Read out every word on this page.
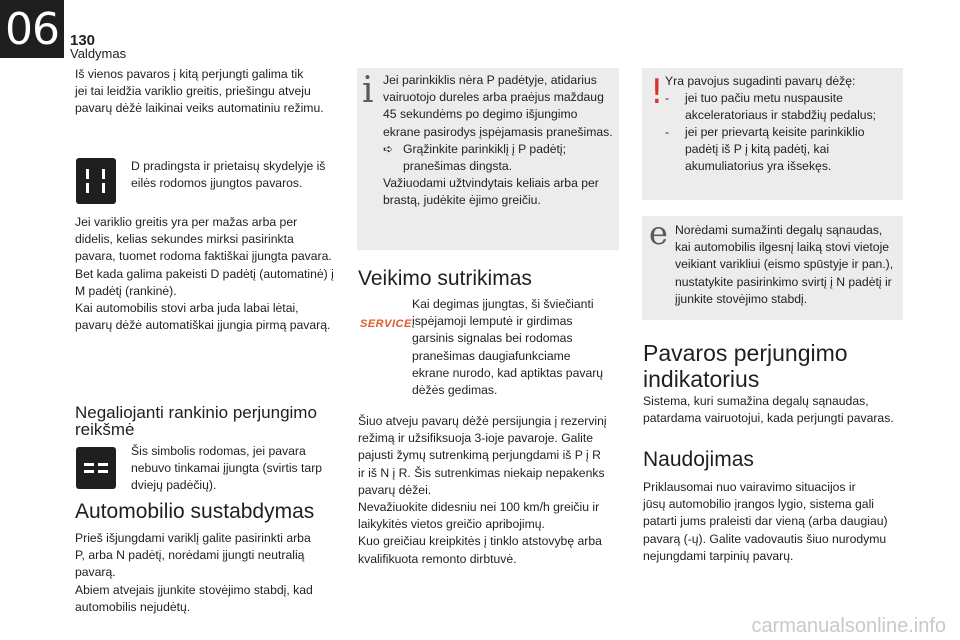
06 130
Valdymas
Iš vienos pavaros į kitą perjungti galima tik
jei tai leidžia variklio greitis, priešingu atveju
pavarų dėžė laikinai veiks automatiniu režimu.
D pradingsta ir prietaisų skydelyje iš
eilės rodomos įjungtos pavaros.
Jei variklio greitis yra per mažas arba per
didelis, kelias sekundes mirksi pasirinkta
pavara, tuomet rodoma faktiškai įjungta pavara.
Bet kada galima pakeisti D padėtį (automatinė) į
M padėtį (rankinė).
Kai automobilis stovi arba juda labai lėtai,
pavarų dėžė automatiškai įjungia pirmą pavarą.
Negaliojanti rankinio perjungimo
reikšmė
Šis simbolis rodomas, jei pavara
nebuvo tinkamai įjungta (svirtis tarp
dviejų padėčių).
Automobilio sustabdymas
Prieš išjungdami variklį galite pasirinkti arba
P, arba N padėtį, norėdami įjungti neutralią
pavarą.
Abiem atvejais įjunkite stovėjimo stabdį, kad
automobilis nejudėtų.
i Jei parinkiklis nėra P padėtyje, atidarius
vairuotojo dureles arba praėjus maždaug
45 sekundėms po degimo išjungimo
ekrane pasirodys įspėjamasis pranešimas.
➪ Grąžinkite parinkiklį į P padėtį;
pranešimas dingsta.
Važiuodami užtvindytais keliais arba per
brastą, judėkite ėjimo greičiu.
Veikimo sutrikimas
SERVICE
Kai degimas įjungtas, ši šviečianti
įspėjamoji lemputė ir girdimas
garsinis signalas bei rodomas
pranešimas daugiafunkciame
ekrane nurodo, kad aptiktas pavarų
dėžės gedimas.
Šiuo atveju pavarų dėžė persijungia į rezervinį
režimą ir užsifiksuoja 3-ioje pavaroje. Galite
pajusti žymų sutrenkimą perjungdami iš P į R
ir iš N į R. Šis sutrenkimas niekaip nepakenks
pavarų dėžei.
Nevažiuokite didesniu nei 100 km/h greičiu ir
laikykitės vietos greičio apribojimų.
Kuo greičiau kreipkitės į tinklo atstovybę arba
kvalifikuota remonto dirbtuvė.
! Yra pavojus sugadinti pavarų dėžę:
-	jei tuo pačiu metu nuspausite
akceleratoriaus ir stabdžių pedalus;
-	jei per prievartą keisite parinkiklio
padėtį iš P į kitą padėtį, kai
akumuliatorius yra išsekęs.
e Norėdami sumažinti degalų sąnaudas,
kai automobilis ilgesnį laiką stovi vietoje
veikiant varikliui (eismo spūstyje ir pan.),
nustatykite pasirinkimo svirtį į N padėtį ir
įjunkite stovėjimo stabdį.
Pavaros perjungimo
indikatorius
Sistema, kuri sumažina degalų sąnaudas,
patardama vairuotojui, kada perjungti pavaras.
Naudojimas
Priklausomai nuo vairavimo situacijos ir
jūsų automobilio įrangos lygio, sistema gali
patarti jums praleisti dar vieną (arba daugiau)
pavarą (-ų). Galite vadovautis šiuo nurodymu
nejungdami tarpinių pavarų.
carmanualsonline.info
